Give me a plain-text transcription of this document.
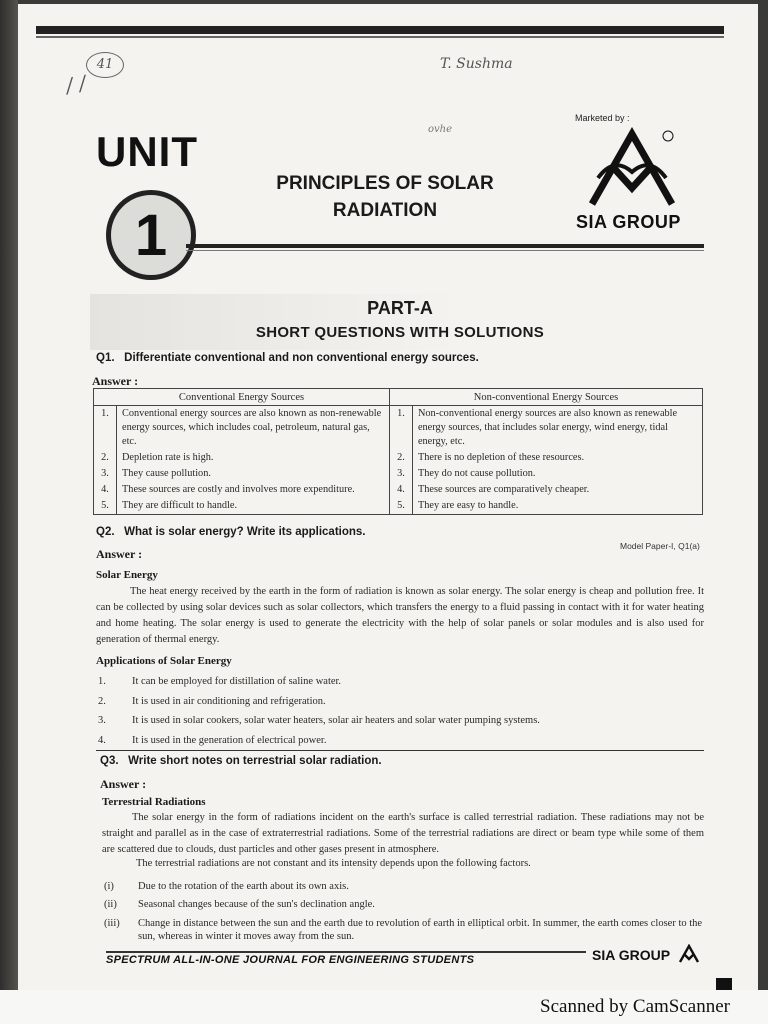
41
/ /
T. Sushma
ovhe
UNIT
1
PRINCIPLES OF SOLAR
RADIATION
Marketed by :
SIA GROUP
PART-A
SHORT QUESTIONS WITH SOLUTIONS
Q1. Differentiate conventional and non conventional energy sources.
Answer :
Conventional Energy Sources		Non-conventional Energy Sources	
1.	Conventional energy sources are also known as non-renewable energy sources, which includes coal, petroleum, natural gas, etc.	1.	Non-conventional energy sources are also known as renewable energy sources, that includes solar energy, wind energy, tidal energy, etc.
2.	Depletion rate is high.	2.	There is no depletion of these resources.
3.	They cause pollution.	3.	They do not cause pollution.
4.	These sources are costly and involves more expenditure.	4.	These sources are comparatively cheaper.
5.	They are difficult to handle.	5.	They are easy to handle.
Q2. What is solar energy? Write its applications.
Model Paper-I, Q1(a)
Answer :
Solar Energy
The heat energy received by the earth in the form of radiation is known as solar energy. The solar energy is cheap and pollution free. It can be collected by using solar devices such as solar collectors, which transfers the energy to a fluid passing in contact with it for water heating and home heating. The solar energy is used to generate the electricity with the help of solar panels or solar modules and is also used for generation of thermal energy.
Applications of Solar Energy
1. It can be employed for distillation of saline water.
2. It is used in air conditioning and refrigeration.
3. It is used in solar cookers, solar water heaters, solar air heaters and solar water pumping systems.
4. It is used in the generation of electrical power.
Q3. Write short notes on terrestrial solar radiation.
Answer :
Terrestrial Radiations
The solar energy in the form of radiations incident on the earth's surface is called terrestrial radiation. These radiations may not be straight and parallel as in the case of extraterrestrial radiations. Some of the terrestrial radiations are direct or beam type while some of them are scattered due to clouds, dust particles and other gases present in atmosphere.
The terrestrial radiations are not constant and its intensity depends upon the following factors.
(i) Due to the rotation of the earth about its own axis.
(ii) Seasonal changes because of the sun's declination angle.
(iii)	Change in distance between the sun and the earth due to revolution of earth in elliptical orbit. In summer, the earth comes closer to the sun, whereas in winter it moves away from the sun.
SPECTRUM ALL-IN-ONE JOURNAL FOR ENGINEERING STUDENTS	SIA GROUP
Scanned by CamScanner
